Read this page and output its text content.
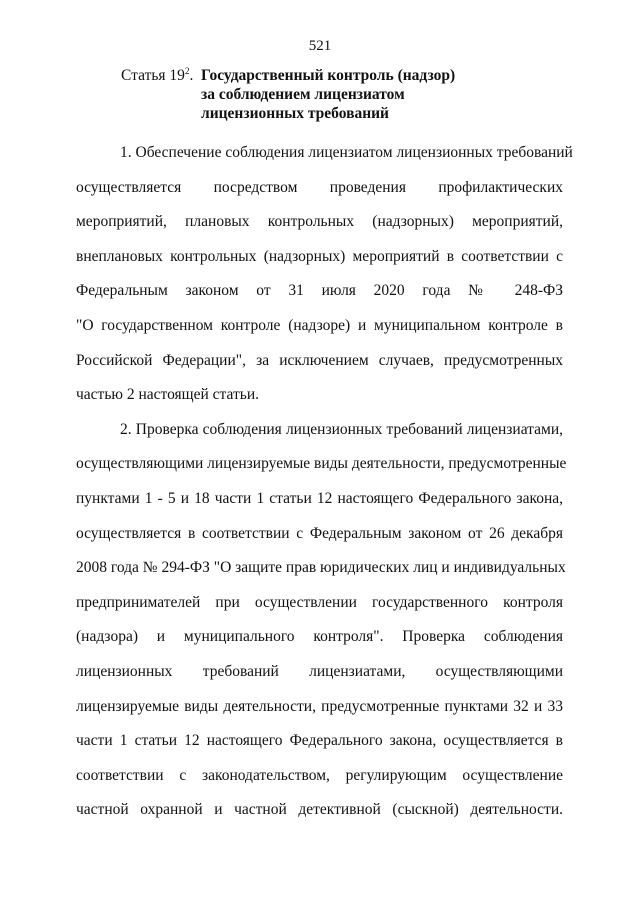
521
Статья $19^2$. Государственный контроль (надзор)
за соблюдением лицензиатом
лицензионных требований

1. Обеспечение соблюдения лицензиатом лицензионных требований
осуществляется посредством проведения профилактических
мероприятий, плановых контрольных (надзорных) мероприятий,
внеплановых контрольных (надзорных) мероприятий в соответствии с
Федеральным законом от 31 июля 2020 года № 248-ФЗ
"О государственном контроле (надзоре) и муниципальном контроле в
Российской Федерации", за исключением случаев, предусмотренных
частью 2 настоящей статьи.

2. Проверка соблюдения лицензионных требований лицензиатами,
осуществляющими лицензируемые виды деятельности, предусмотренные
пунктами 1 - 5 и 18 части 1 статьи 12 настоящего Федерального закона,
осуществляется в соответствии с Федеральным законом от 26 декабря
2008 года № 294-ФЗ "О защите прав юридических лиц и индивидуальных
предпринимателей при осуществлении государственного контроля
(надзора) и муниципального контроля". Проверка соблюдения
лицензионных требований лицензиатами, осуществляющими
лицензируемые виды деятельности, предусмотренные пунктами 32 и 33
части 1 статьи 12 настоящего Федерального закона, осуществляется в
соответствии с законодательством, регулирующим осуществление
частной охранной и частной детективной (сыскной) деятельности.
